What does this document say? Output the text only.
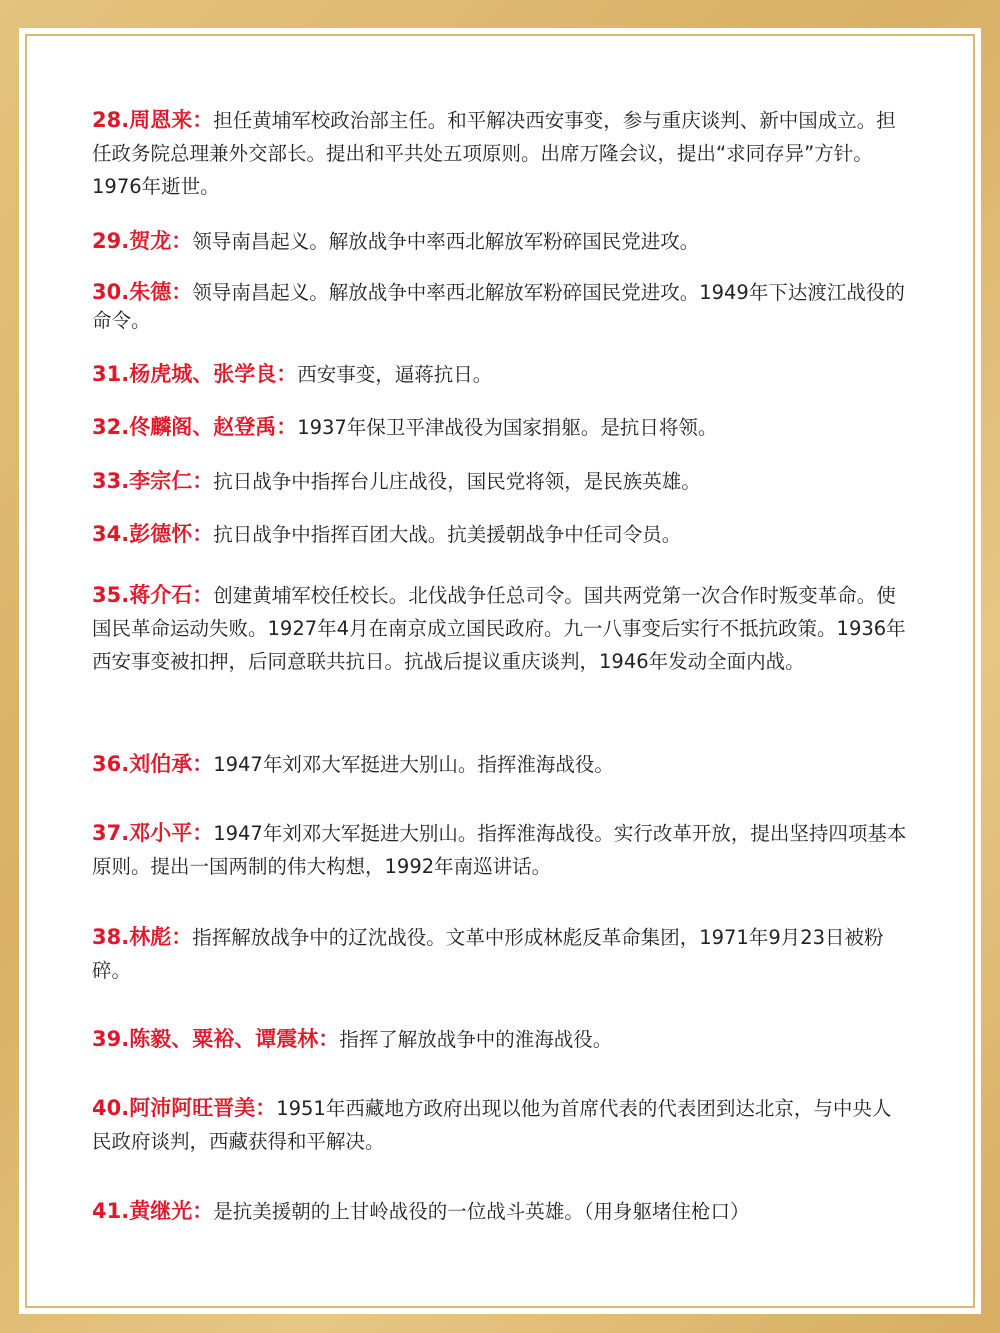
28.周恩来：担任黄埔军校政治部主任。和平解决西安事变，参与重庆谈判、新中国成立。担任政务院总理兼外交部长。提出和平共处五项原则。出席万隆会议，提出“求同存异”方针。1976年逝世。

29.贺龙：领导南昌起义。解放战争中率西北解放军粉碎国民党进攻。

30.朱德：领导南昌起义。解放战争中率西北解放军粉碎国民党进攻。1949年下达渡江战役的命令。

31.杨虎城、张学良：西安事变，逼蒋抗日。

32.佟麟阁、赵登禹：1937年保卫平津战役为国家捐躯。是抗日将领。

33.李宗仁：抗日战争中指挥台儿庄战役，国民党将领，是民族英雄。

34.彭德怀：抗日战争中指挥百团大战。抗美援朝战争中任司令员。

35.蒋介石：创建黄埔军校任校长。北伐战争任总司令。国共两党第一次合作时叛变革命。使国民革命运动失败。1927年4月在南京成立国民政府。九一八事变后实行不抵抗政策。1936年西安事变被扣押，后同意联共抗日。抗战后提议重庆谈判，1946年发动全面内战。

36.刘伯承：1947年刘邓大军挺进大别山。指挥淮海战役。

37.邓小平：1947年刘邓大军挺进大别山。指挥淮海战役。实行改革开放，提出坚持四项基本原则。提出一国两制的伟大构想，1992年南巡讲话。

38.林彪：指挥解放战争中的辽沈战役。文革中形成林彪反革命集团，1971年9月23日被粉碎。

39.陈毅、粟裕、谭震林：指挥了解放战争中的淮海战役。

40.阿沛阿旺晋美：1951年西藏地方政府出现以他为首席代表的代表团到达北京，与中央人民政府谈判，西藏获得和平解决。

41.黄继光：是抗美援朝的上甘岭战役的一位战斗英雄。（用身躯堵住枪口）
